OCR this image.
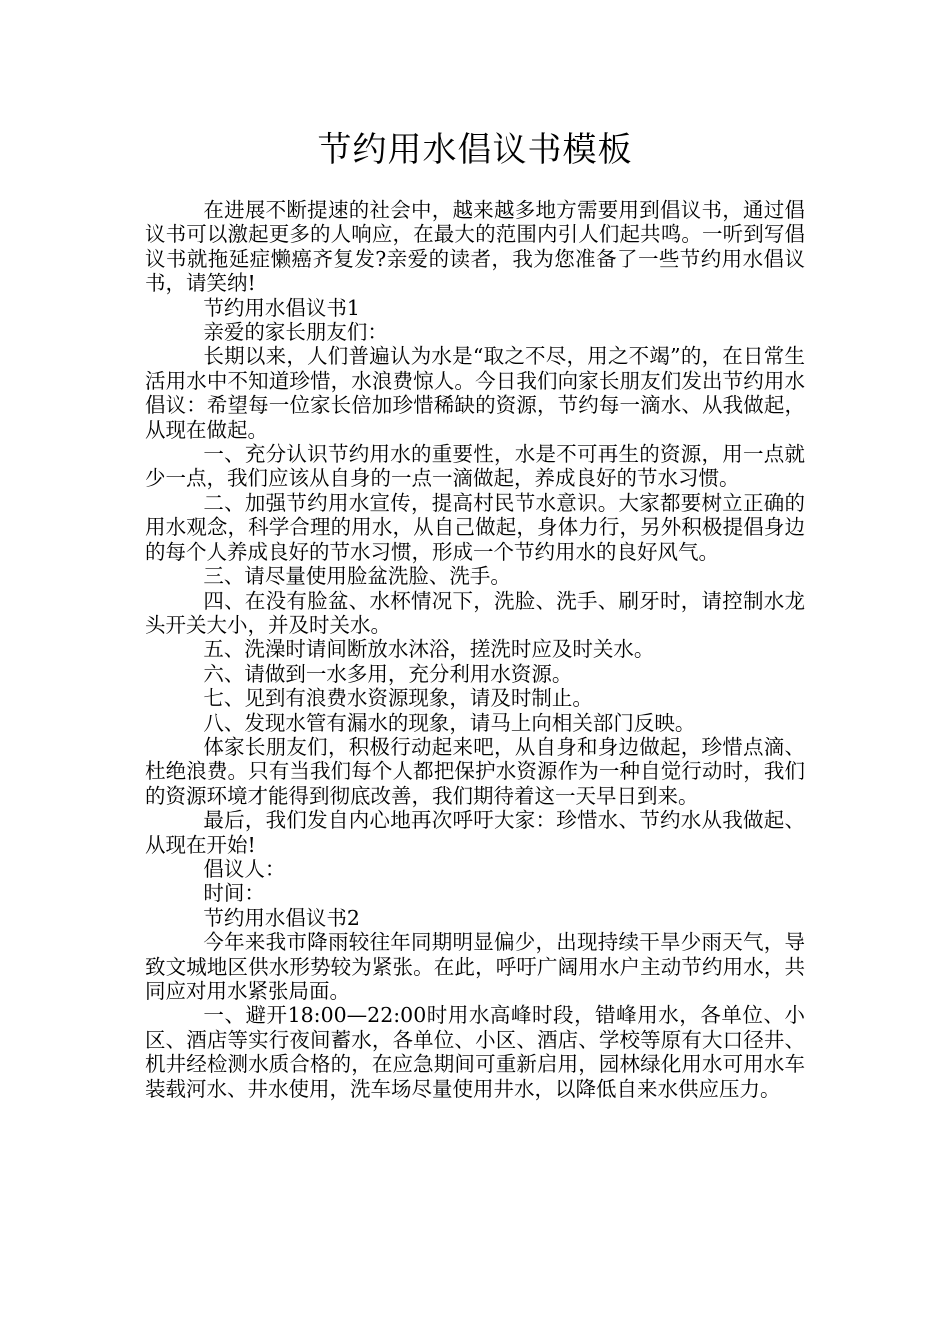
节约用水倡议书模板

在进展不断提速的社会中，越来越多地方需要用到倡议书，通过倡议书可以激起更多的人响应，在最大的范围内引人们起共鸣。一听到写倡议书就拖延症懒癌齐复发?亲爱的读者，我为您准备了一些节约用水倡议书，请笑纳!

节约用水倡议书1

亲爱的家长朋友们：

长期以来，人们普遍认为水是“取之不尽，用之不竭”的，在日常生活用水中不知道珍惜，水浪费惊人。今日我们向家长朋友们发出节约用水倡议：希望每一位家长倍加珍惜稀缺的资源，节约每一滴水、从我做起，从现在做起。

一、充分认识节约用水的重要性，水是不可再生的资源，用一点就少一点，我们应该从自身的一点一滴做起，养成良好的节水习惯。

二、加强节约用水宣传，提高村民节水意识。大家都要树立正确的用水观念，科学合理的用水，从自己做起，身体力行，另外积极提倡身边的每个人养成良好的节水习惯，形成一个节约用水的良好风气。

三、请尽量使用脸盆洗脸、洗手。

四、在没有脸盆、水杯情况下，洗脸、洗手、刷牙时，请控制水龙头开关大小，并及时关水。

五、洗澡时请间断放水沐浴，搓洗时应及时关水。

六、请做到一水多用，充分利用水资源。

七、见到有浪费水资源现象，请及时制止。

八、发现水管有漏水的现象，请马上向相关部门反映。

体家长朋友们，积极行动起来吧，从自身和身边做起，珍惜点滴、杜绝浪费。只有当我们每个人都把保护水资源作为一种自觉行动时，我们的资源环境才能得到彻底改善，我们期待着这一天早日到来。

最后，我们发自内心地再次呼吁大家：珍惜水、节约水从我做起、从现在开始!

倡议人：

时间：

节约用水倡议书2

今年来我市降雨较往年同期明显偏少，出现持续干旱少雨天气，导致文城地区供水形势较为紧张。在此，呼吁广阔用水户主动节约用水，共同应对用水紧张局面。

一、避开18:00—22:00时用水高峰时段，错峰用水，各单位、小区、酒店等实行夜间蓄水，各单位、小区、酒店、学校等原有大口径井、机井经检测水质合格的，在应急期间可重新启用，园林绿化用水可用水车装载河水、井水使用，洗车场尽量使用井水，以降低自来水供应压力。
